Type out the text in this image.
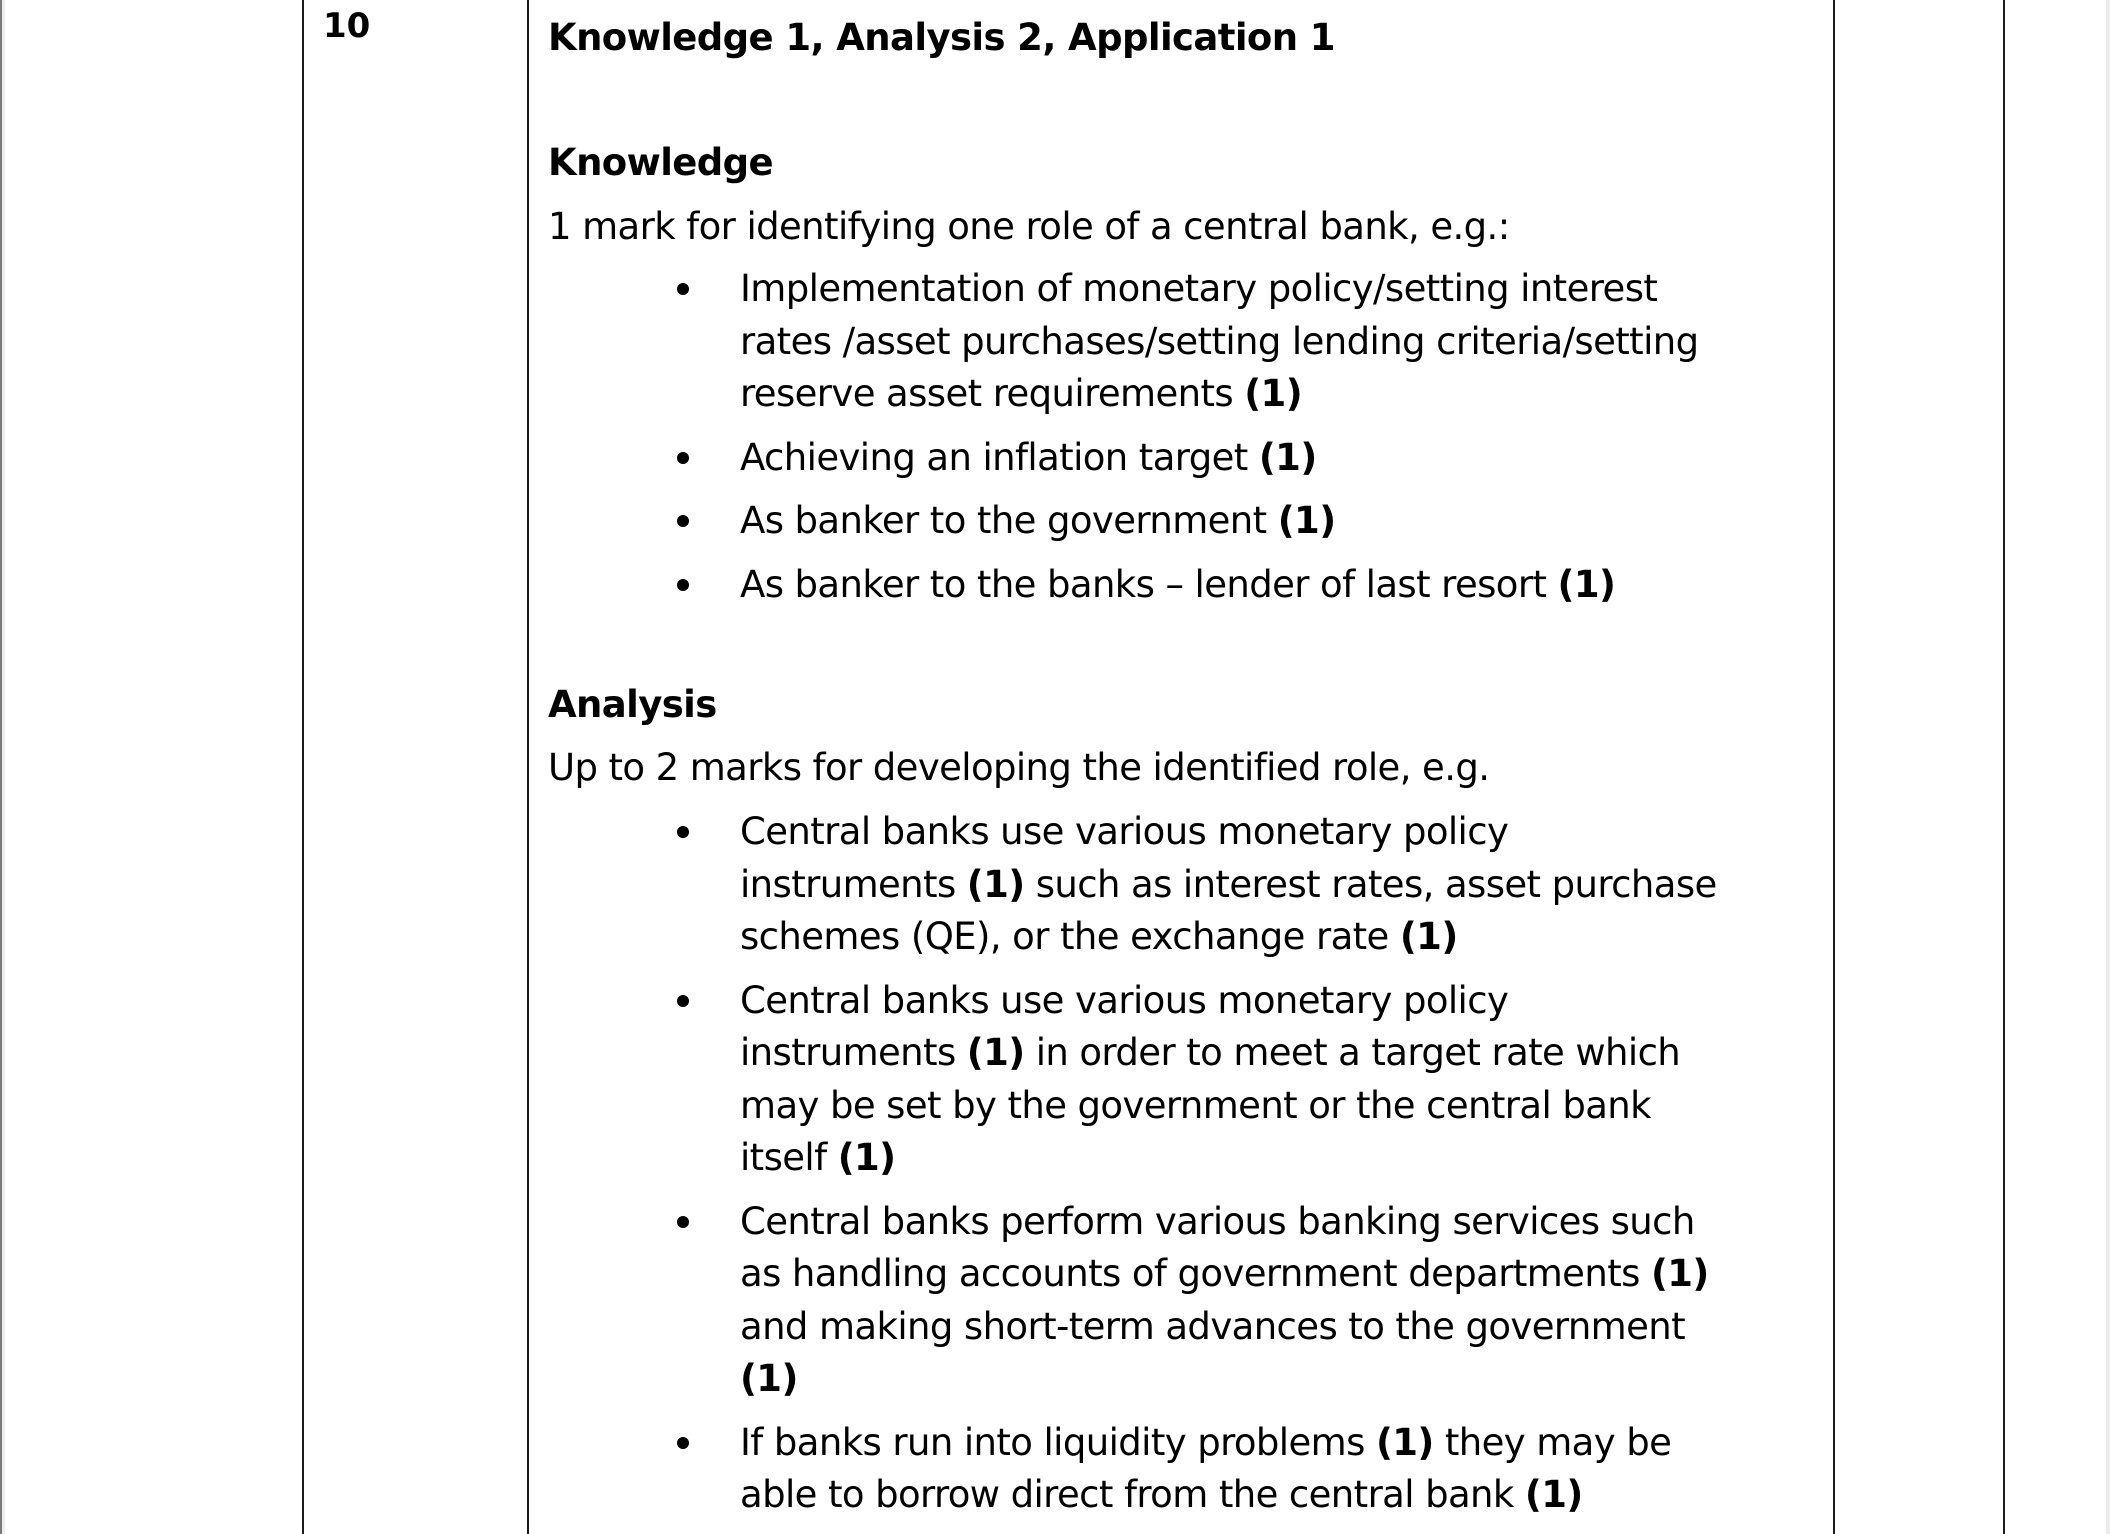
10	Knowledge 1, Analysis 2, Application 1
Knowledge
1 mark for identifying one role of a central bank, e.g.:
Implementation of monetary policy/setting interest
rates /asset purchases/setting lending criteria/setting
reserve asset requirements (1)
Achieving an inflation target (1)
As banker to the government (1)
As banker to the banks – lender of last resort (1)
Analysis
Up to 2 marks for developing the identified role, e.g.
Central banks use various monetary policy
instruments (1) such as interest rates, asset purchase
schemes (QE), or the exchange rate (1)
Central banks use various monetary policy
instruments (1) in order to meet a target rate which
may be set by the government or the central bank
itself (1)
Central banks perform various banking services such
as handling accounts of government departments (1)
and making short-term advances to the government
(1)
If banks run into liquidity problems (1) they may be
able to borrow direct from the central bank (1)
